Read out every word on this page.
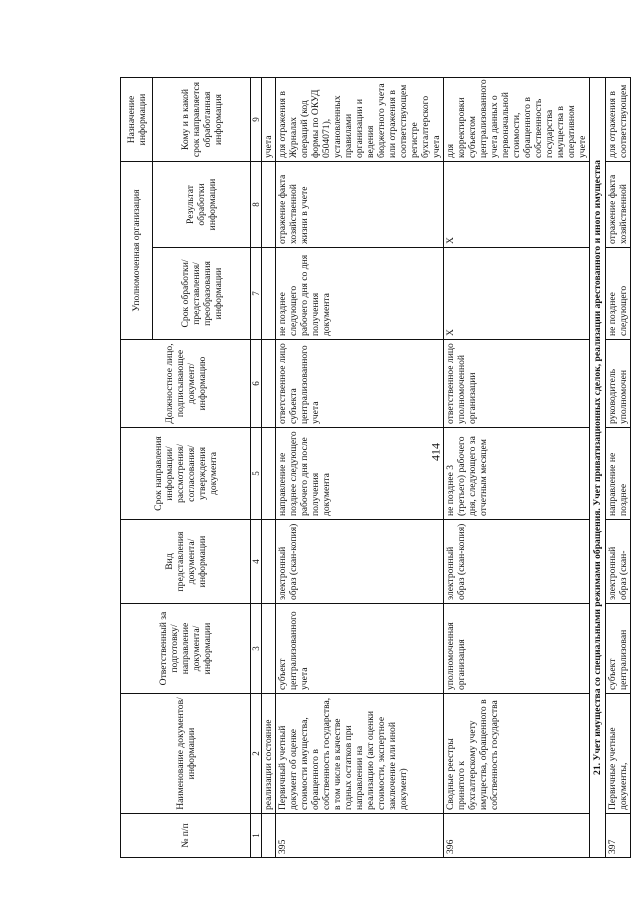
414
№ п/п	Наименование документов/ информации	Ответственный за подготовку/ направление документа/ информации	Вид представления документа/ информации	Срок направления информации/ рассмотрения/ согласования/ утверждения документа	Должностное лицо, подписывающее документ/ информацию	Уполномоченная организация		Назначение информации
						Срок обработки/ представления/ преобразования информации	Результат обработки информации	Кому и в какой срок направляется обработанная информация
1	2	3	4	5	6	7	8	9
	реализации состояние							учета
395	Первичный учетный документ об оценке стоимости имущества, обращенного в собственность государства, в том числе в качестве годных остатков при направлении на реализацию (акт оценки стоимости, экспертное заключение или иной документ)	субъект централизованного учета	электронный образ (скан-копия)	направление не позднее следующего рабочего дня после получения документа	ответственное лицо субъекта централизованного учета	не позднее следующего рабочего дня со дня получения документа	отражение факта хозяйственной жизни в учете	для отражения в Журналах операций (код формы по ОКУД 0504071), установленных правилами организации и ведения бюджетного учета или отражения в соответствующем регистре бухгалтерского учета
396	Сводные реестры принятого к бухгалтерскому учету имущества, обращенного в собственность государства	уполномоченная организация	электронный образ (скан-копия)	не позднее 3 (третьего) рабочего дня, следующего за отчетным месяцем	ответственное лицо уполномоченной организации	X	X	для корректировки субъектом централизованного учета данных о первоначальной стоимости, обращенного в собственность государства имущества в оперативном учете
21. Учет имущества со специальными режимами обращения. Учет приватизационных сделок, реализации арестованного и иного имущества								
397	Первичные учетные документы,	субъект централизован	электронный образ (скан-	направление не позднее	руководитель уполномочен	не позднее следующего	отражение факта хозяйственной	для отражения в соответствующем
